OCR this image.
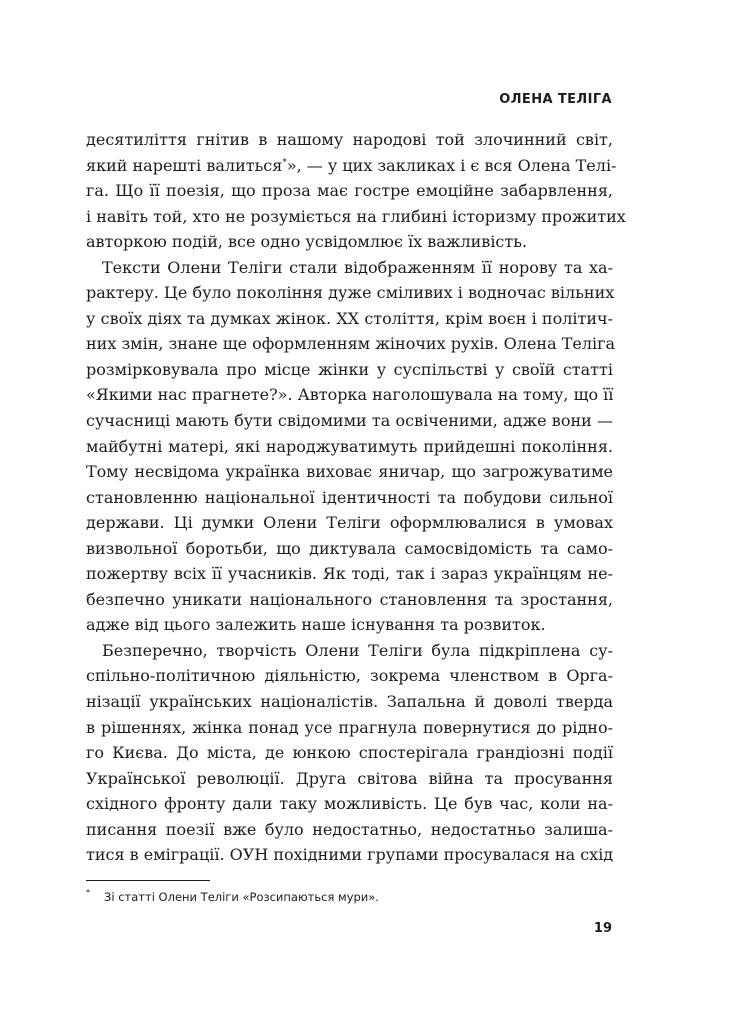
ОЛЕНА ТЕЛІГА
десятиліття гнітив в нашому народові той злочинний світ,
який нарешті валиться*», — у цих закликах і є вся Олена Телі-
га. Що її поезія, що проза має гостре емоційне забарвлення,
і навіть той, хто не розуміється на глибині історизму прожитих
авторкою подій, все одно усвідомлює їх важливість.
Тексти Олени Теліги стали відображенням її норову та ха-
рактеру. Це було покоління дуже сміливих і водночас вільних
у своїх діях та думках жінок. XX століття, крім воєн і політич-
них змін, знане ще оформленням жіночих рухів. Олена Теліга
розмірковувала про місце жінки у суспільстві у своїй статті
«Якими нас прагнете?». Авторка наголошувала на тому, що її
сучасниці мають бути свідомими та освіченими, адже вони —
майбутні матері, які народжуватимуть прийдешні покоління.
Тому несвідома українка виховає яничар, що загрожуватиме
становленню національної ідентичності та побудови сильної
держави. Ці думки Олени Теліги оформлювалися в умовах
визвольної боротьби, що диктувала самосвідомість та само-
пожертву всіх її учасників. Як тоді, так і зараз українцям не-
безпечно уникати національного становлення та зростання,
адже від цього залежить наше існування та розвиток.
Безперечно, творчість Олени Теліги була підкріплена су-
спільно-політичною діяльністю, зокрема членством в Орга-
нізації українських націоналістів. Запальна й доволі тверда
в рішеннях, жінка понад усе прагнула повернутися до рідно-
го Києва. До міста, де юнкою спостерігала грандіозні події
Української революції. Друга світова війна та просування
східного фронту дали таку можливість. Це був час, коли на-
писання поезії вже було недостатньо, недостатньо залиша-
тися в еміграції. ОУН похідними групами просувалася на схід
* Зі статті Олени Теліги «Розсипаються мури».
19
